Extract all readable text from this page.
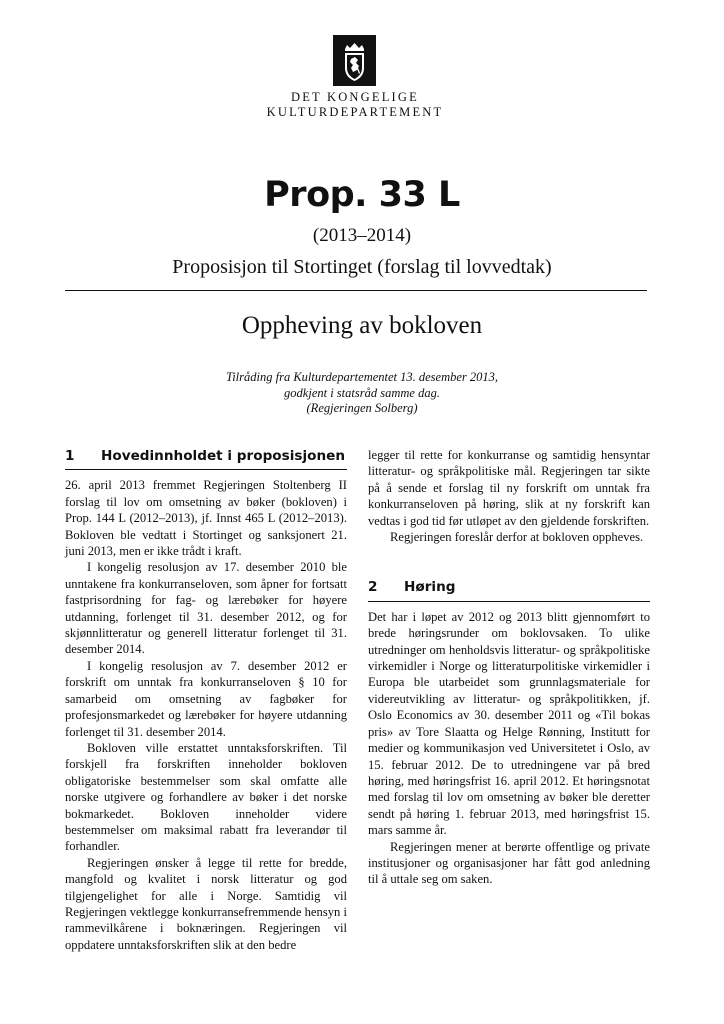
DET KONGELIGE
KULTURDEPARTEMENT
Prop. 33 L
(2013–2014)
Proposisjon til Stortinget (forslag til lovvedtak)
Oppheving av bokloven
Tilråding fra Kulturdepartementet 13. desember 2013,
godkjent i statsråd samme dag.
(Regjeringen Solberg)
1	Hovedinnholdet i proposisjonen

26. april 2013 fremmet Regjeringen Stoltenberg II forslag til lov om omsetning av bøker (bokloven) i Prop. 144 L (2012–2013), jf. Innst 465 L (2012–2013). Bokloven ble vedtatt i Stortinget og sanksjonert 21. juni 2013, men er ikke trådt i kraft.

I kongelig resolusjon av 17. desember 2010 ble unntakene fra konkurranseloven, som åpner for fortsatt fastprisordning for fag- og lærebøker for høyere utdanning, forlenget til 31. desember 2012, og for skjønnlitteratur og generell litteratur forlenget til 31. desember 2014.

I kongelig resolusjon av 7. desember 2012 er forskrift om unntak fra konkurranseloven § 10 for samarbeid om omsetning av fagbøker for profesjonsmarkedet og lærebøker for høyere utdanning forlenget til 31. desember 2014.

Bokloven ville erstattet unntaksforskriften. Til forskjell fra forskriften inneholder bokloven obligatoriske bestemmelser som skal omfatte alle norske utgivere og forhandlere av bøker i det norske bokmarkedet. Bokloven inneholder videre bestemmelser om maksimal rabatt fra leverandør til forhandler.

Regjeringen ønsker å legge til rette for bredde, mangfold og kvalitet i norsk litteratur og god tilgjengelighet for alle i Norge. Samtidig vil Regjeringen vektlegge konkurransefremmende hensyn i rammevilkårene i boknæringen. Regjeringen vil oppdatere unntaksforskriften slik at den bedre

legger til rette for konkurranse og samtidig hensyntar litteratur- og språkpolitiske mål. Regjeringen tar sikte på å sende et forslag til ny forskrift om unntak fra konkurranseloven på høring, slik at ny forskrift kan vedtas i god tid før utløpet av den gjeldende forskriften.

Regjeringen foreslår derfor at bokloven oppheves.

2	Høring

Det har i løpet av 2012 og 2013 blitt gjennomført to brede høringsrunder om boklovsaken. To ulike utredninger om henholdsvis litteratur- og språkpolitiske virkemidler i Norge og litteraturpolitiske virkemidler i Europa ble utarbeidet som grunnlagsmateriale for videreutvikling av litteratur- og språkpolitikken, jf. Oslo Economics av 30. desember 2011 og «Til bokas pris» av Tore Slaatta og Helge Rønning, Institutt for medier og kommunikasjon ved Universitetet i Oslo, av 15. februar 2012. De to utredningene var på bred høring, med høringsfrist 16. april 2012. Et høringsnotat med forslag til lov om omsetning av bøker ble deretter sendt på høring 1. februar 2013, med høringsfrist 15. mars samme år.

Regjeringen mener at berørte offentlige og private institusjoner og organisasjoner har fått god anledning til å uttale seg om saken.
